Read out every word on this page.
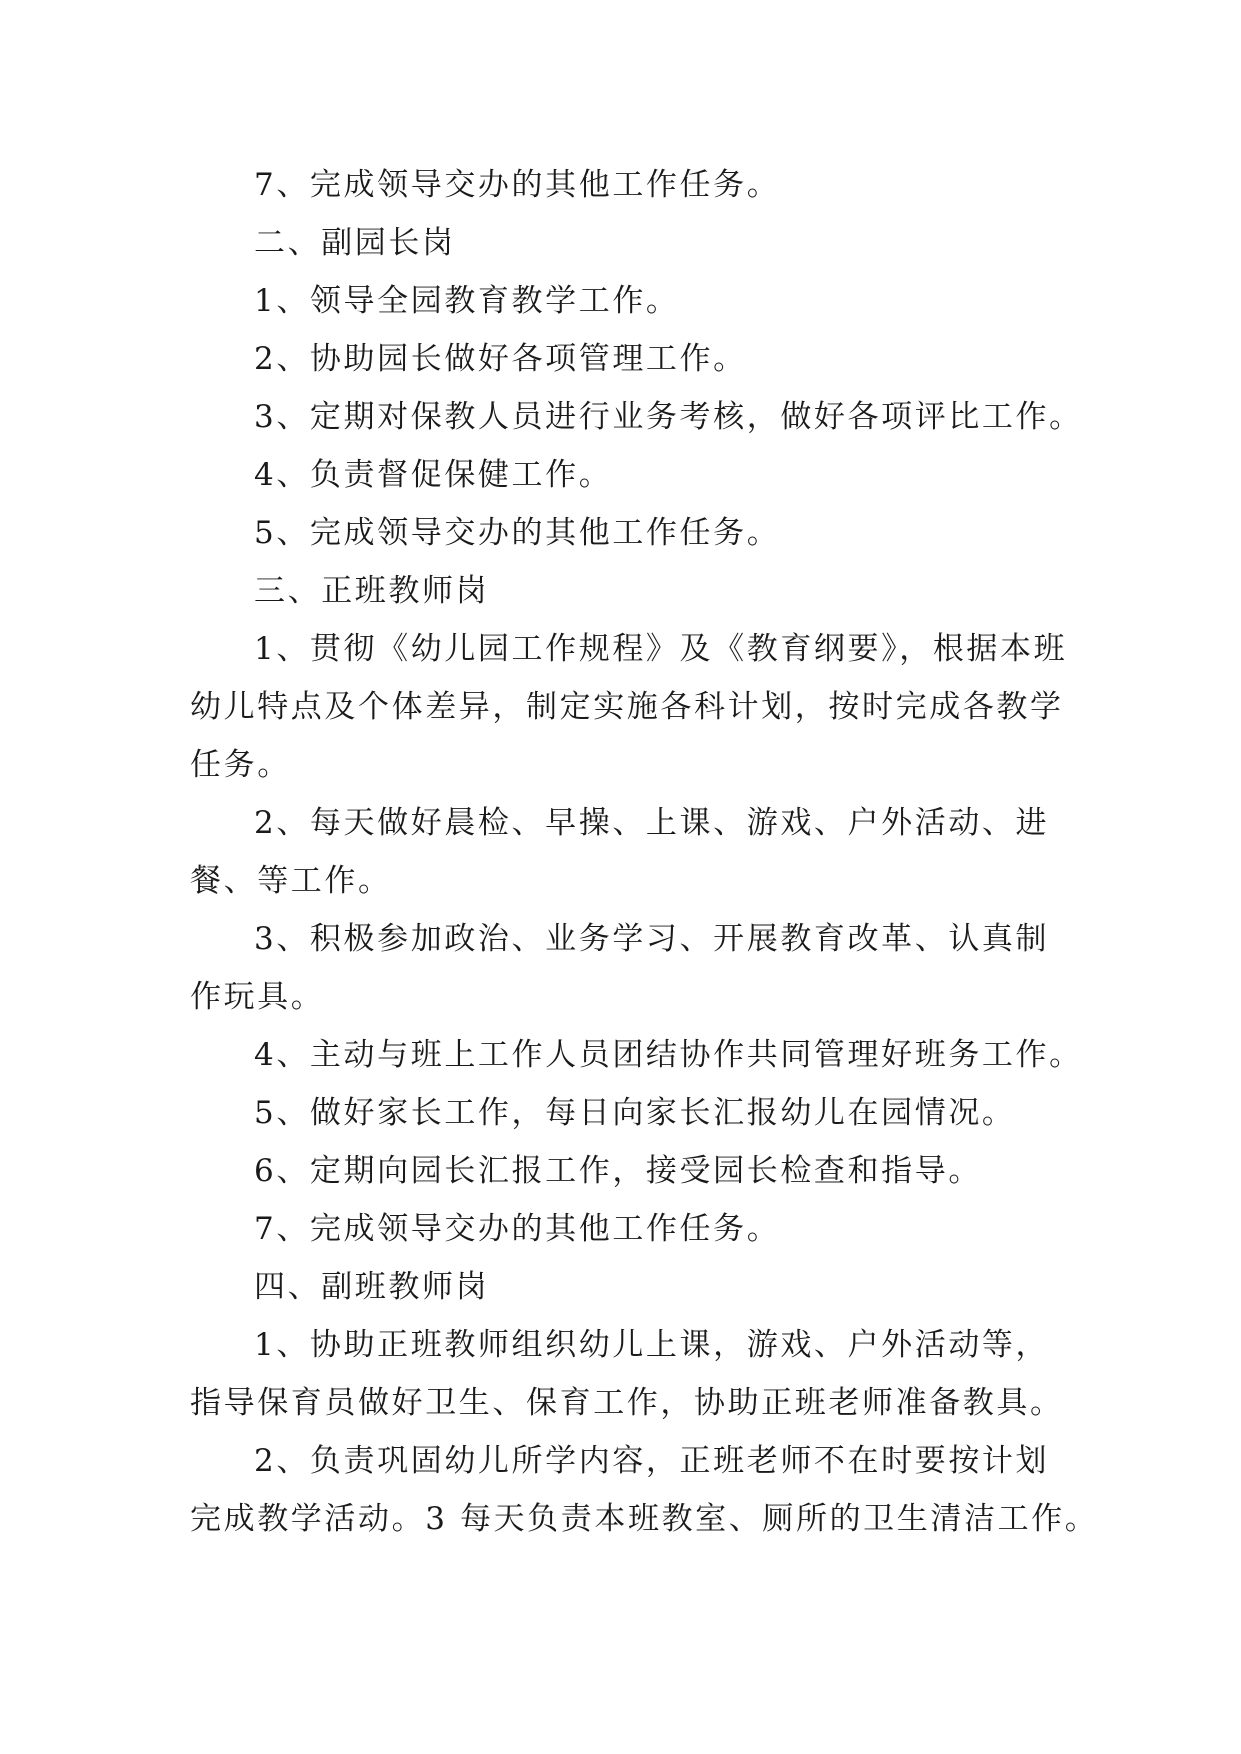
7、完成领导交办的其他工作任务。
二、副园长岗
1、领导全园教育教学工作。
2、协助园长做好各项管理工作。
3、定期对保教人员进行业务考核，做好各项评比工作。
4、负责督促保健工作。
5、完成领导交办的其他工作任务。
三、正班教师岗
1、贯彻《幼儿园工作规程》及《教育纲要》，根据本班
幼儿特点及个体差异，制定实施各科计划，按时完成各教学
任务。
2、每天做好晨检、早操、上课、游戏、户外活动、进
餐、等工作。
3、积极参加政治、业务学习、开展教育改革、认真制
作玩具。
4、主动与班上工作人员团结协作共同管理好班务工作。
5、做好家长工作，每日向家长汇报幼儿在园情况。
6、定期向园长汇报工作，接受园长检查和指导。
7、完成领导交办的其他工作任务。
四、副班教师岗
1、协助正班教师组织幼儿上课，游戏、户外活动等，
指导保育员做好卫生、保育工作，协助正班老师准备教具。
2、负责巩固幼儿所学内容，正班老师不在时要按计划
完成教学活动。3 每天负责本班教室、厕所的卫生清洁工作。
